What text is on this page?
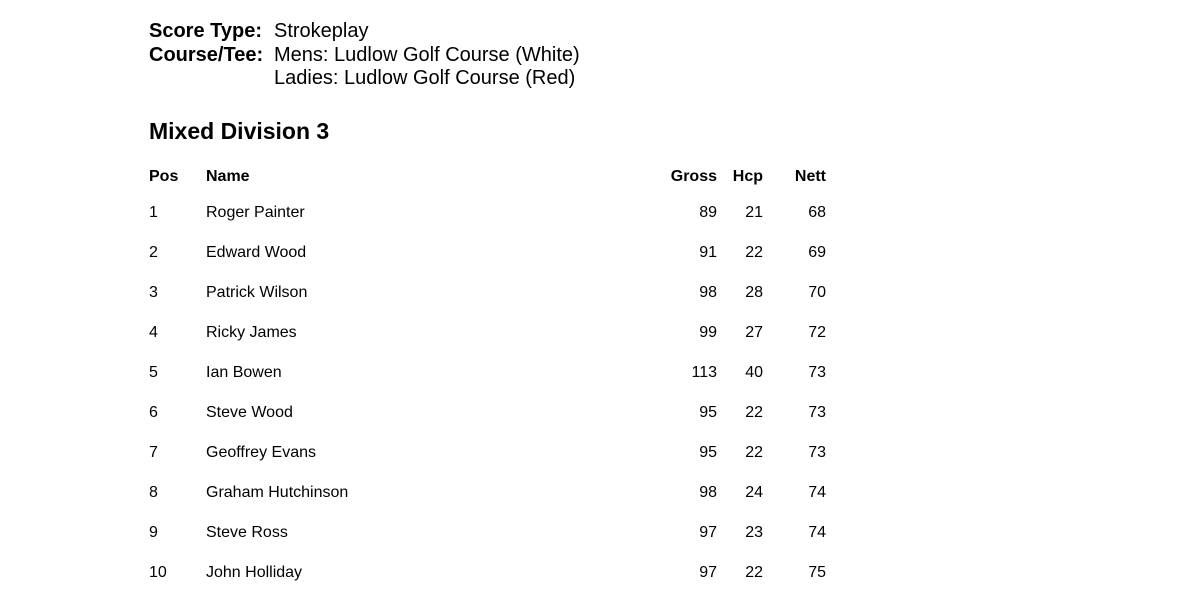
Score Type: Strokeplay
Course/Tee: Mens: Ludlow Golf Course (White)
Ladies: Ludlow Golf Course (Red)
Mixed Division 3
Pos Name	Gross Hcp Nett
1	Roger Painter	89 21	68
2	Edward Wood	91 22	69
3	Patrick Wilson	98 28	70
4	Ricky James	99 27	72
5	Ian Bowen	113 40	73
6	Steve Wood	95 22	73
7	Geoffrey Evans	95 22	73
8	Graham Hutchinson	98 24	74
9	Steve Ross	97 23	74
10 John Holliday	97 22	75
